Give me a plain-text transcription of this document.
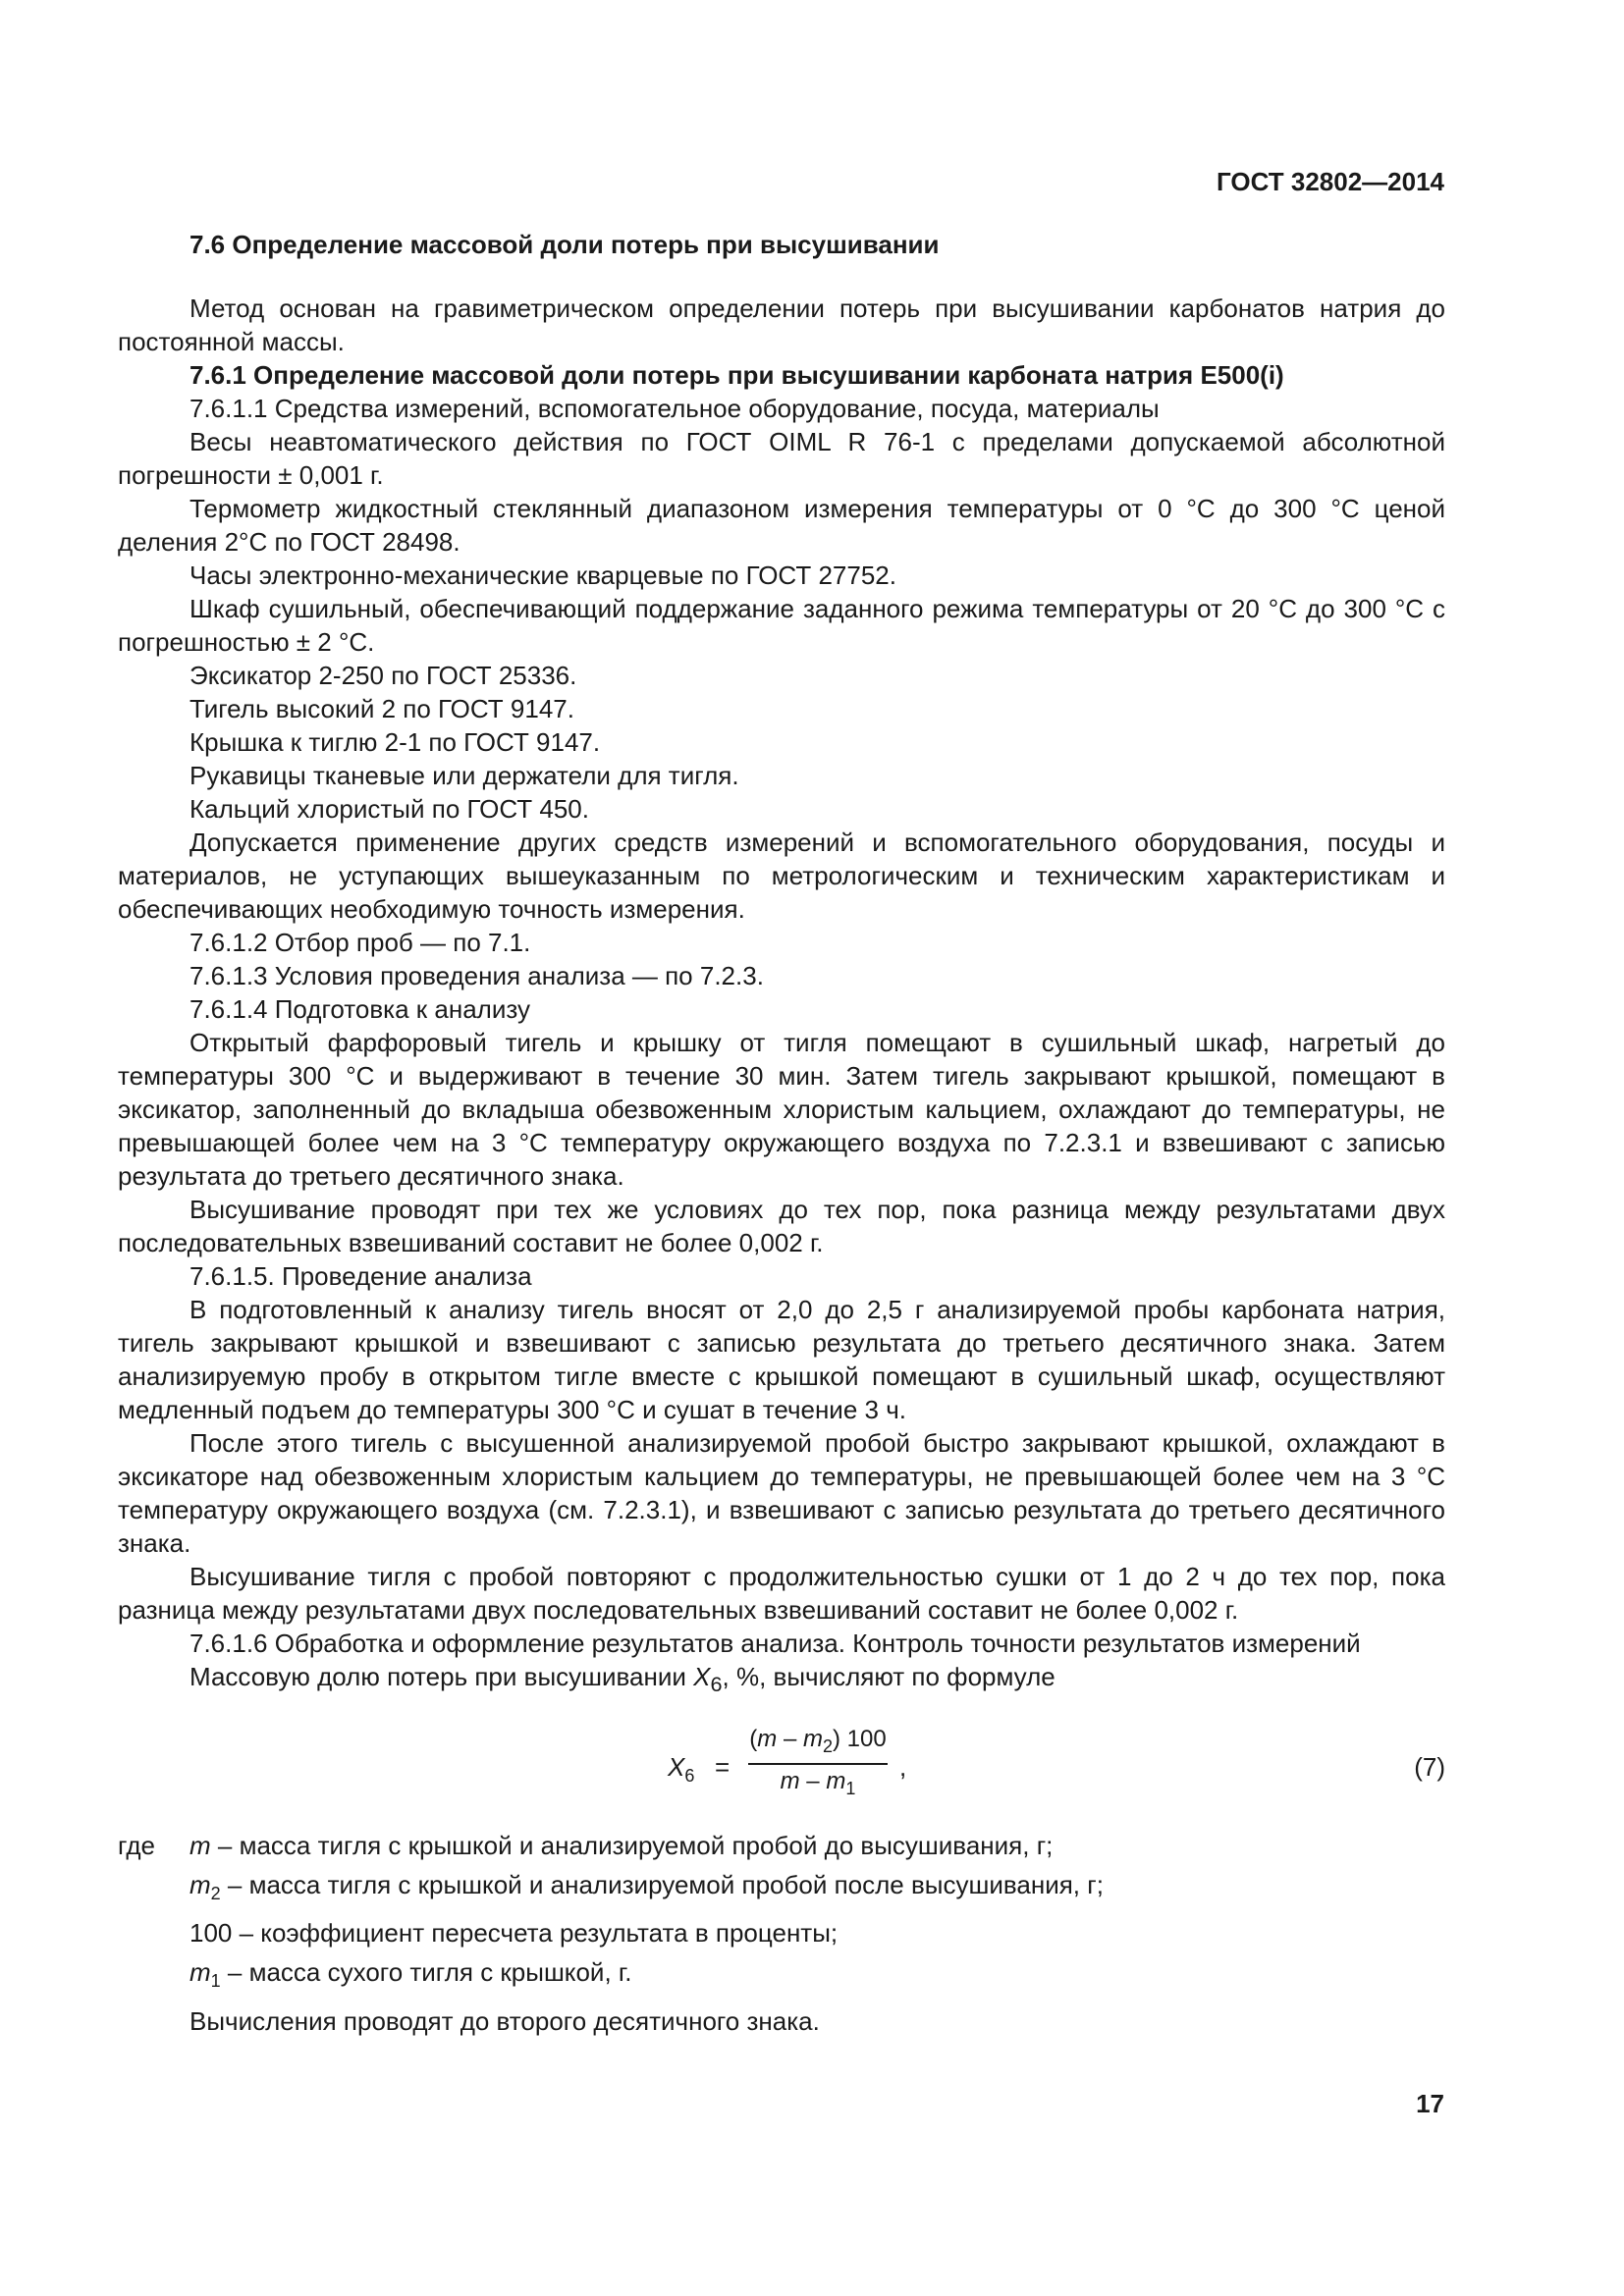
ГОСТ 32802—2014

7.6 Определение массовой доли потерь при высушивании

Метод основан на гравиметрическом определении потерь при высушивании карбонатов натрия до постоянной массы.

7.6.1 Определение массовой доли потерь при высушивании карбоната натрия Е500(i)

7.6.1.1 Средства измерений, вспомогательное оборудование, посуда, материалы

Весы неавтоматического действия по ГОСТ OIML R 76-1 с пределами допускаемой абсолютной погрешности ± 0,001 г.

Термометр жидкостный стеклянный диапазоном измерения температуры от 0 °С до 300 °С ценой деления 2°С по ГОСТ 28498.

Часы электронно-механические кварцевые по ГОСТ 27752.

Шкаф сушильный, обеспечивающий поддержание заданного режима температуры от 20 °С до 300 °С с погрешностью ± 2 °С.

Эксикатор 2-250 по ГОСТ 25336.

Тигель высокий 2 по ГОСТ 9147.

Крышка к тиглю 2-1 по ГОСТ 9147.

Рукавицы тканевые или держатели для тигля.

Кальций хлористый по ГОСТ 450.

Допускается применение других средств измерений и вспомогательного оборудования, посуды и материалов, не уступающих вышеуказанным по метрологическим и техническим характеристикам и обеспечивающих необходимую точность измерения.

7.6.1.2 Отбор проб — по 7.1.

7.6.1.3 Условия проведения анализа — по 7.2.3.

7.6.1.4 Подготовка к анализу

Открытый фарфоровый тигель и крышку от тигля помещают в сушильный шкаф, нагретый до температуры 300 °С и выдерживают в течение 30 мин. Затем тигель закрывают крышкой, помещают в эксикатор, заполненный до вкладыша обезвоженным хлористым кальцием, охлаждают до температуры, не превышающей более чем на 3 °С температуру окружающего воздуха по 7.2.3.1 и взвешивают с записью результата до третьего десятичного знака.

Высушивание проводят при тех же условиях до тех пор, пока разница между результатами двух последовательных взвешиваний составит не более 0,002 г.

7.6.1.5. Проведение анализа

В подготовленный к анализу тигель вносят от 2,0 до 2,5 г анализируемой пробы карбоната натрия, тигель закрывают крышкой и взвешивают с записью результата до третьего десятичного знака. Затем анализируемую пробу в открытом тигле вместе с крышкой помещают в сушильный шкаф, осуществляют медленный подъем до температуры 300 °С и сушат в течение 3 ч.

После этого тигель с высушенной анализируемой пробой быстро закрывают крышкой, охлаждают в эксикаторе над обезвоженным хлористым кальцием до температуры, не превышающей более чем на 3 °С температуру окружающего воздуха (см. 7.2.3.1), и взвешивают с записью результата до третьего десятичного знака.

Высушивание тигля с пробой повторяют с продолжительностью сушки от 1 до 2 ч до тех пор, пока разница между результатами двух последовательных взвешиваний составит не более 0,002 г.

7.6.1.6 Обработка и оформление результатов анализа. Контроль точности результатов измерений

Массовую долю потерь при высушивании $X_6$, %, вычисляют по формуле

$X_6$ =
$(m - m_2)$ 100
m – $m_1$
,	(7)

где m – масса тигля с крышкой и анализируемой пробой до высушивания, г;

$m_2$ – масса тигля с крышкой и анализируемой пробой после высушивания, г;

100 – коэффициент пересчета результата в проценты;

$m_1$ – масса сухого тигля с крышкой, г.

Вычисления проводят до второго десятичного знака.

17
